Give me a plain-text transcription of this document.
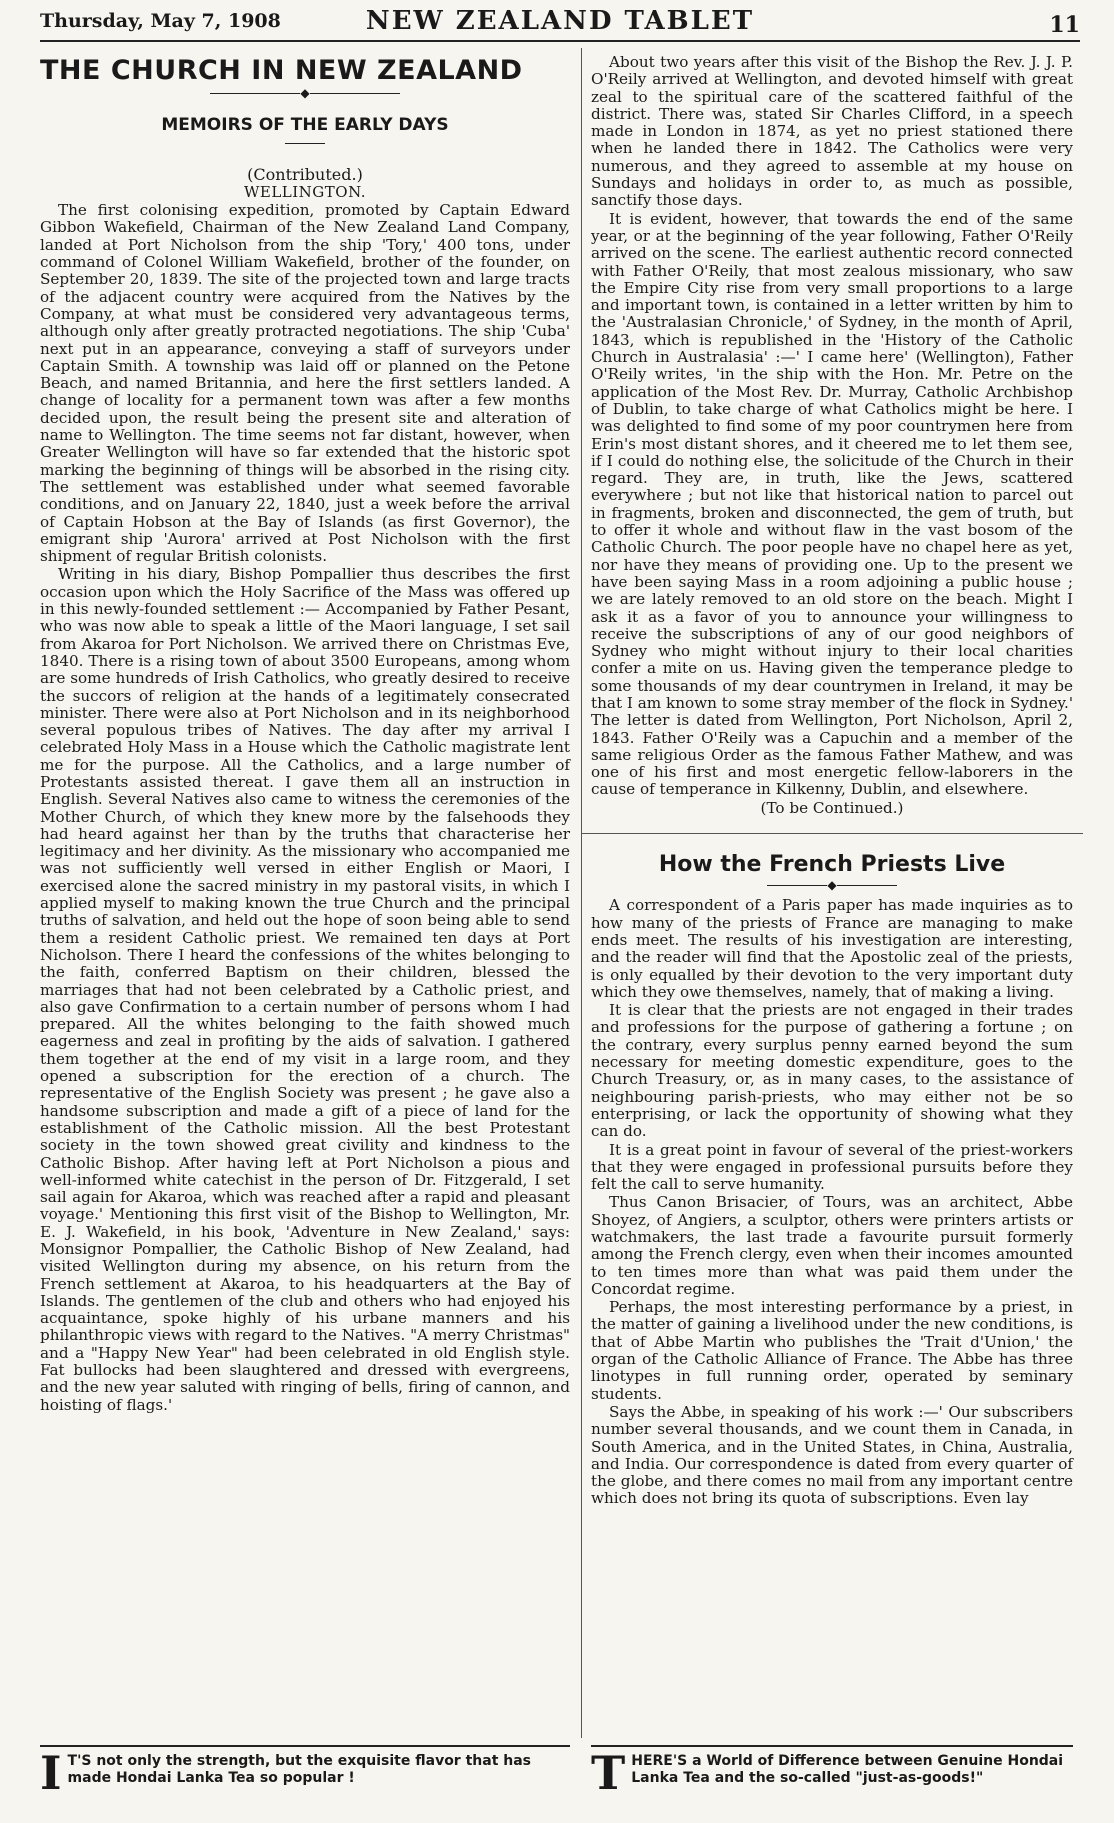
Thursday, May 7, 1908	NEW ZEALAND TABLET	11
THE CHURCH IN NEW ZEALAND
◆
MEMOIRS OF THE EARLY DAYS

(Contributed.)

WELLINGTON.

The first colonising expedition, promoted by Captain Edward Gibbon Wakefield, Chairman of the New Zealand Land Company, landed at Port Nicholson from the ship 'Tory,' 400 tons, under command of Colonel William Wakefield, brother of the founder, on September 20, 1839. The site of the projected town and large tracts of the adjacent country were acquired from the Natives by the Company, at what must be considered very advantageous terms, although only after greatly protracted negotiations. The ship 'Cuba' next put in an appearance, conveying a staff of surveyors under Captain Smith. A township was laid off or planned on the Petone Beach, and named Britannia, and here the first settlers landed. A change of locality for a permanent town was after a few months decided upon, the result being the present site and alteration of name to Wellington. The time seems not far distant, however, when Greater Wellington will have so far extended that the historic spot marking the beginning of things will be absorbed in the rising city. The settlement was established under what seemed favorable conditions, and on January 22, 1840, just a week before the arrival of Captain Hobson at the Bay of Islands (as first Governor), the emigrant ship 'Aurora' arrived at Post Nicholson with the first shipment of regular British colonists.

Writing in his diary, Bishop Pompallier thus describes the first occasion upon which the Holy Sacrifice of the Mass was offered up in this newly-founded settlement :— Accompanied by Father Pesant, who was now able to speak a little of the Maori language, I set sail from Akaroa for Port Nicholson. We arrived there on Christmas Eve, 1840. There is a rising town of about 3500 Europeans, among whom are some hundreds of Irish Catholics, who greatly desired to receive the succors of religion at the hands of a legitimately consecrated minister. There were also at Port Nicholson and in its neighborhood several populous tribes of Natives. The day after my arrival I celebrated Holy Mass in a House which the Catholic magistrate lent me for the purpose. All the Catholics, and a large number of Protestants assisted thereat. I gave them all an instruction in English. Several Natives also came to witness the ceremonies of the Mother Church, of which they knew more by the falsehoods they had heard against her than by the truths that characterise her legitimacy and her divinity. As the missionary who accompanied me was not sufficiently well versed in either English or Maori, I exercised alone the sacred ministry in my pastoral visits, in which I applied myself to making known the true Church and the principal truths of salvation, and held out the hope of soon being able to send them a resident Catholic priest. We remained ten days at Port Nicholson. There I heard the confessions of the whites belonging to the faith, conferred Baptism on their children, blessed the marriages that had not been celebrated by a Catholic priest, and also gave Confirmation to a certain number of persons whom I had prepared. All the whites belonging to the faith showed much eagerness and zeal in profiting by the aids of salvation. I gathered them together at the end of my visit in a large room, and they opened a subscription for the erection of a church. The representative of the English Society was present ; he gave also a handsome subscription and made a gift of a piece of land for the establishment of the Catholic mission. All the best Protestant society in the town showed great civility and kindness to the Catholic Bishop. After having left at Port Nicholson a pious and well-informed white catechist in the person of Dr. Fitzgerald, I set sail again for Akaroa, which was reached after a rapid and pleasant voyage.' Mentioning this first visit of the Bishop to Wellington, Mr. E. J. Wakefield, in his book, 'Adventure in New Zealand,' says: Monsignor Pompallier, the Catholic Bishop of New Zealand, had visited Wellington during my absence, on his return from the French settlement at Akaroa, to his headquarters at the Bay of Islands. The gentlemen of the club and others who had enjoyed his acquaintance, spoke highly of his urbane manners and his philanthropic views with regard to the Natives. "A merry Christmas" and a "Happy New Year" had been celebrated in old English style. Fat bullocks had been slaughtered and dressed with evergreens, and the new year saluted with ringing of bells, firing of cannon, and hoisting of flags.'

About two years after this visit of the Bishop the Rev. J. J. P. O'Reily arrived at Wellington, and devoted himself with great zeal to the spiritual care of the scattered faithful of the district. There was, stated Sir Charles Clifford, in a speech made in London in 1874, as yet no priest stationed there when he landed there in 1842. The Catholics were very numerous, and they agreed to assemble at my house on Sundays and holidays in order to, as much as possible, sanctify those days.

It is evident, however, that towards the end of the same year, or at the beginning of the year following, Father O'Reily arrived on the scene. The earliest authentic record connected with Father O'Reily, that most zealous missionary, who saw the Empire City rise from very small proportions to a large and important town, is contained in a letter written by him to the 'Australasian Chronicle,' of Sydney, in the month of April, 1843, which is republished in the 'History of the Catholic Church in Australasia' :—' I came here' (Wellington), Father O'Reily writes, 'in the ship with the Hon. Mr. Petre on the application of the Most Rev. Dr. Murray, Catholic Archbishop of Dublin, to take charge of what Catholics might be here. I was delighted to find some of my poor countrymen here from Erin's most distant shores, and it cheered me to let them see, if I could do nothing else, the solicitude of the Church in their regard. They are, in truth, like the Jews, scattered everywhere ; but not like that historical nation to parcel out in fragments, broken and disconnected, the gem of truth, but to offer it whole and without flaw in the vast bosom of the Catholic Church. The poor people have no chapel here as yet, nor have they means of providing one. Up to the present we have been saying Mass in a room adjoining a public house ; we are lately removed to an old store on the beach. Might I ask it as a favor of you to announce your willingness to receive the subscriptions of any of our good neighbors of Sydney who might without injury to their local charities confer a mite on us. Having given the temperance pledge to some thousands of my dear countrymen in Ireland, it may be that I am known to some stray member of the flock in Sydney.' The letter is dated from Wellington, Port Nicholson, April 2, 1843. Father O'Reily was a Capuchin and a member of the same religious Order as the famous Father Mathew, and was one of his first and most energetic fellow-laborers in the cause of temperance in Kilkenny, Dublin, and elsewhere.

(To be Continued.)

How the French Priests Live
◆

A correspondent of a Paris paper has made inquiries as to how many of the priests of France are managing to make ends meet. The results of his investigation are interesting, and the reader will find that the Apostolic zeal of the priests, is only equalled by their devotion to the very important duty which they owe themselves, namely, that of making a living.

It is clear that the priests are not engaged in their trades and professions for the purpose of gathering a fortune ; on the contrary, every surplus penny earned beyond the sum necessary for meeting domestic expenditure, goes to the Church Treasury, or, as in many cases, to the assistance of neighbouring parish-priests, who may either not be so enterprising, or lack the opportunity of showing what they can do.

It is a great point in favour of several of the priest-workers that they were engaged in professional pursuits before they felt the call to serve humanity.

Thus Canon Brisacier, of Tours, was an architect, Abbe Shoyez, of Angiers, a sculptor, others were printers artists or watchmakers, the last trade a favourite pursuit formerly among the French clergy, even when their incomes amounted to ten times more than what was paid them under the Concordat regime.

Perhaps, the most interesting performance by a priest, in the matter of gaining a livelihood under the new conditions, is that of Abbe Martin who publishes the 'Trait d'Union,' the organ of the Catholic Alliance of France. The Abbe has three linotypes in full running order, operated by seminary students.

Says the Abbe, in speaking of his work :—' Our subscribers number several thousands, and we count them in Canada, in South America, and in the United States, in China, Australia, and India. Our correspondence is dated from every quarter of the globe, and there comes no mail from any important centre which does not bring its quota of subscriptions. Even lay

I T'S not only the strength, but the exquisite flavor that has made Hondai Lanka Tea so popular !	T HERE'S a World of Difference between Genuine Hondai Lanka Tea and the so-called "just-as-goods!"
